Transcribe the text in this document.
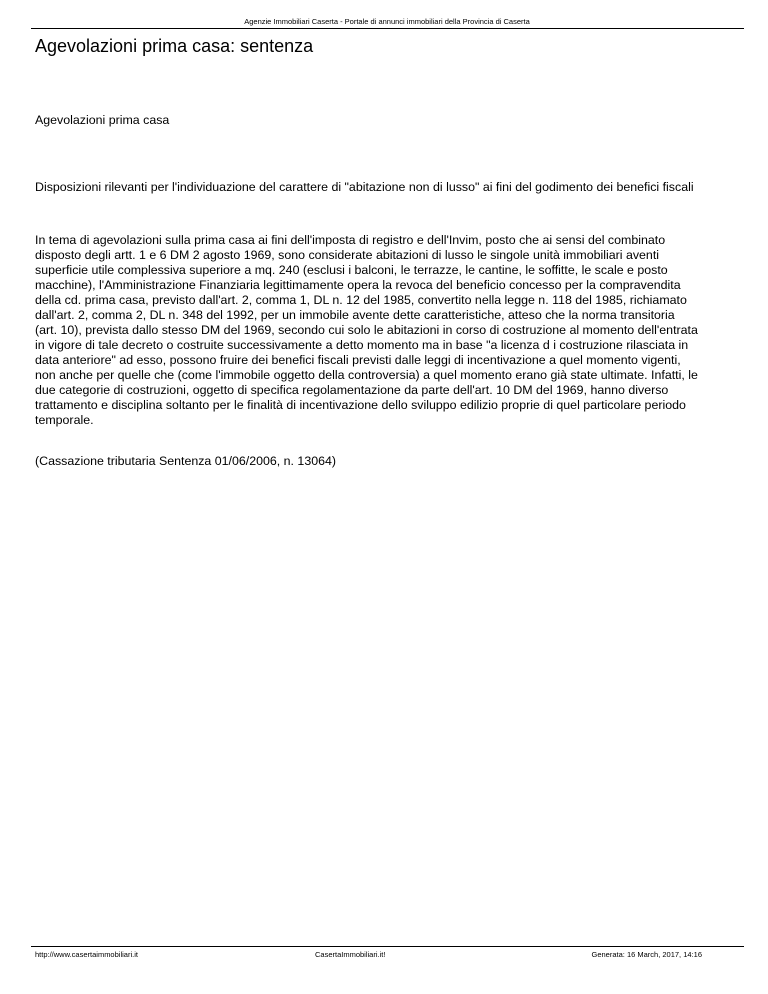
Agenzie Immobiliari Caserta - Portale di annunci immobiliari della Provincia di Caserta
Agevolazioni prima casa: sentenza

Agevolazioni prima casa

Disposizioni rilevanti per l'individuazione del carattere di "abitazione non di lusso" ai fini del godimento dei benefici fiscali

In tema di agevolazioni sulla prima casa ai fini dell'imposta di registro e dell'Invim, posto che ai sensi del combinato
disposto degli artt. 1 e 6 DM 2 agosto 1969, sono considerate abitazioni di lusso le singole unità immobiliari aventi
superficie utile complessiva superiore a mq. 240 (esclusi i balconi, le terrazze, le cantine, le soffitte, le scale e posto
macchine), l'Amministrazione Finanziaria legittimamente opera la revoca del beneficio concesso per la compravendita
della cd. prima casa, previsto dall'art. 2, comma 1, DL n. 12 del 1985, convertito nella legge n. 118 del 1985, richiamato
dall'art. 2, comma 2, DL n. 348 del 1992, per un immobile avente dette caratteristiche, atteso che la norma transitoria
(art. 10), prevista dallo stesso DM del 1969, secondo cui solo le abitazioni in corso di costruzione al momento dell'entrata
in vigore di tale decreto o costruite successivamente a detto momento ma in base "a licenza d i costruzione rilasciata in
data anteriore" ad esso, possono fruire dei benefici fiscali previsti dalle leggi di incentivazione a quel momento vigenti,
non anche per quelle che (come l'immobile oggetto della controversia) a quel momento erano già state ultimate. Infatti, le
due categorie di costruzioni, oggetto di specifica regolamentazione da parte dell'art. 10 DM del 1969, hanno diverso
trattamento e disciplina soltanto per le finalità di incentivazione dello sviluppo edilizio proprie di quel particolare periodo
temporale.

(Cassazione tributaria Sentenza 01/06/2006, n. 13064)

http://www.casertaimmobiliari.it	CasertaImmobiliari.it!	Generata: 16 March, 2017, 14:16
